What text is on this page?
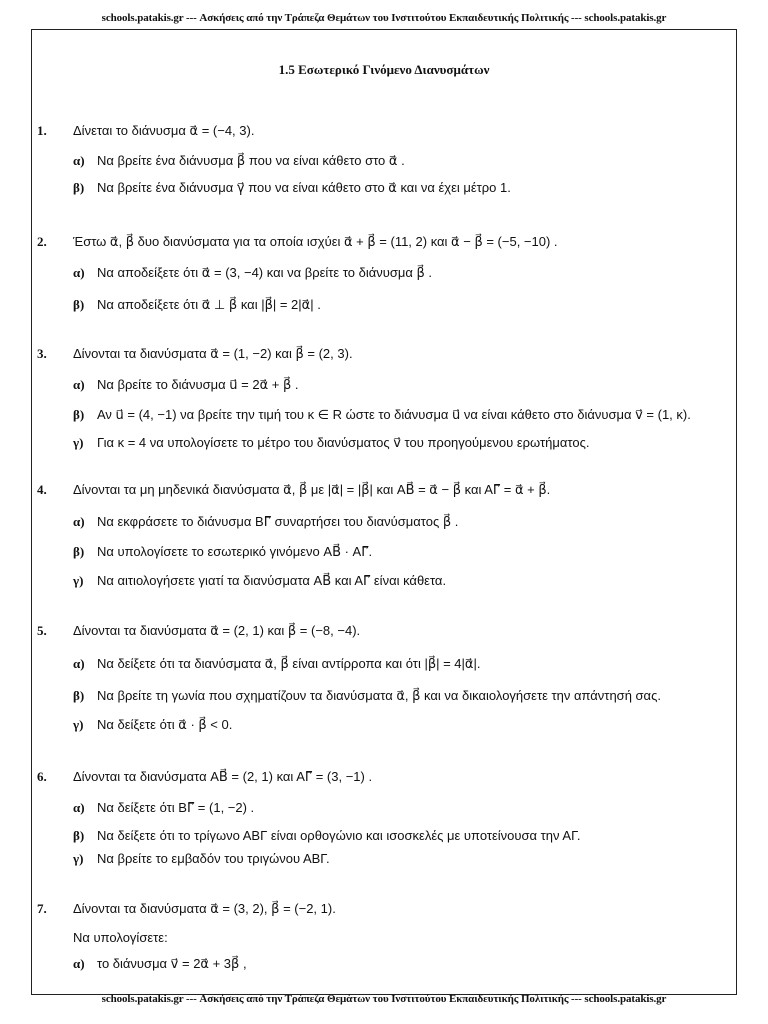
schools.patakis.gr --- Ασκήσεις από την Τράπεζα Θεμάτων του Ινστιτούτου Εκπαιδευτικής Πολιτικής --- schools.patakis.gr
1.5 Εσωτερικό Γινόμενο Διανυσμάτων
1. Δίνεται το διάνυσμα α⃗ = (−4, 3).
α) Να βρείτε ένα διάνυσμα β⃗ που να είναι κάθετο στο α⃗ .
β) Να βρείτε ένα διάνυσμα γ⃗ που να είναι κάθετο στο α⃗ και να έχει μέτρο 1.
2. Έστω α⃗, β⃗ δυο διανύσματα για τα οποία ισχύει α⃗ + β⃗ = (11, 2) και α⃗ − β⃗ = (−5, −10) .
α) Να αποδείξετε ότι α⃗ = (3, −4) και να βρείτε το διάνυσμα β⃗ .
β) Να αποδείξετε ότι α⃗ ⊥ β⃗ και |β⃗| = 2|α⃗| .
3. Δίνονται τα διανύσματα α⃗ = (1, −2) και β⃗ = (2, 3).
α) Να βρείτε το διάνυσμα u⃗ = 2α⃗ + β⃗ .
β) Αν u⃗ = (4, −1) να βρείτε την τιμή του κ ∈ R ώστε το διάνυσμα u⃗ να είναι κάθετο στο διάνυσμα v⃗ = (1, κ).
γ) Για κ = 4 να υπολογίσετε το μέτρο του διανύσματος v⃗ του προηγούμενου ερωτήματος.
4. Δίνονται τα μη μηδενικά διανύσματα α⃗, β⃗ με |α⃗| = |β⃗| και AB⃗ = α⃗ − β⃗ και ΑΓ⃗ = α⃗ + β⃗.
α) Να εκφράσετε το διάνυσμα ΒΓ⃗ συναρτήσει του διανύσματος β⃗ .
β) Να υπολογίσετε το εσωτερικό γινόμενο AB⃗ · ΑΓ⃗.
γ) Να αιτιολογήσετε γιατί τα διανύσματα AB⃗ και ΑΓ⃗ είναι κάθετα.
5. Δίνονται τα διανύσματα α⃗ = (2, 1) και β⃗ = (−8, −4).
α) Να δείξετε ότι τα διανύσματα α⃗, β⃗ είναι αντίρροπα και ότι |β⃗| = 4|α⃗|.
β) Να βρείτε τη γωνία που σχηματίζουν τα διανύσματα α⃗, β⃗ και να δικαιολογήσετε την απάντησή σας.
γ) Να δείξετε ότι α⃗ · β⃗ < 0.
6. Δίνονται τα διανύσματα AB⃗ = (2, 1) και ΑΓ⃗ = (3, −1) .
α) Να δείξετε ότι ΒΓ⃗ = (1, −2) .
β) Να δείξετε ότι το τρίγωνο ΑΒΓ είναι ορθογώνιο και ισοσκελές με υποτείνουσα την ΑΓ.
γ) Να βρείτε το εμβαδόν του τριγώνου ΑΒΓ.
7. Δίνονται τα διανύσματα α⃗ = (3, 2), β⃗ = (−2, 1).
Να υπολογίσετε:
α) το διάνυσμα v⃗ = 2α⃗ + 3β⃗ ,
schools.patakis.gr --- Ασκήσεις από την Τράπεζα Θεμάτων του Ινστιτούτου Εκπαιδευτικής Πολιτικής --- schools.patakis.gr
